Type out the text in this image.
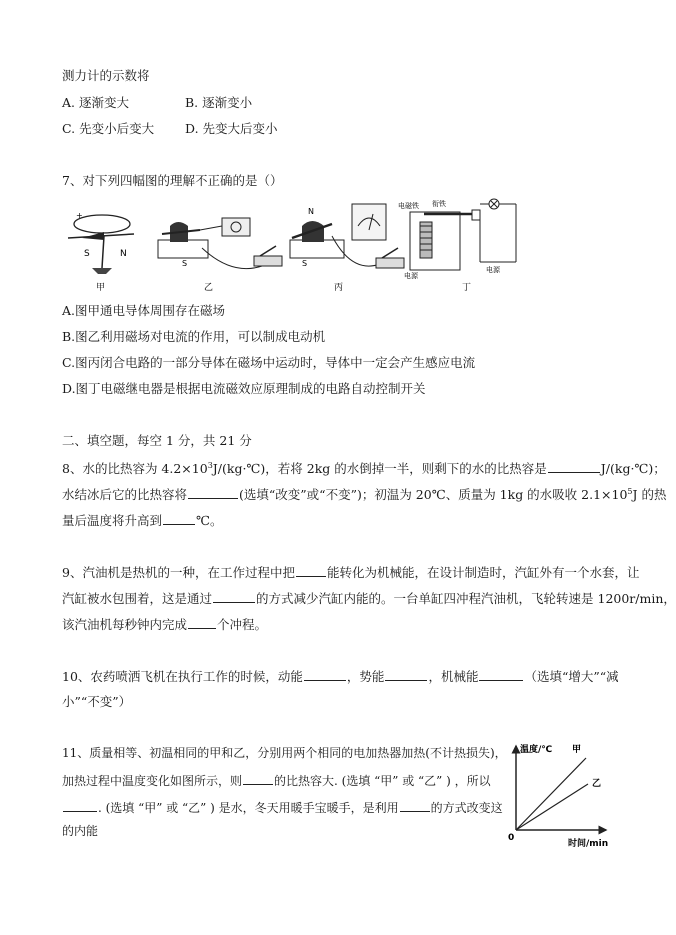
测力计的示数将
A. 逐渐变大	B. 逐渐变小
C. 先变小后变大 D. 先变大后变小
7、对下列四幅图的理解不正确的是（）
+
S	N
甲
S
乙
N
S
丙
电磁铁 衔铁
电源
电源
丁
A.图甲通电导体周围存在磁场
B.图乙利用磁场对电流的作用，可以制成电动机
C.图丙闭合电路的一部分导体在磁场中运动时，导体中一定会产生感应电流
D.图丁电磁继电器是根据电流磁效应原理制成的电路自动控制开关
二、填空题，每空 1 分，共 21 分
8、水的比热容为 $4.2\times 10^3J/(kg\cdot℃)$，若将 2kg 的水倒掉一半，则剩下的水的比热容是	J/(kg·℃)；
水结冰后它的比热容将	(选填“改变”或“不变”)；初温为 20℃、质量为 1kg 的水吸收 $2.1\times 10^5J$ 的热
量后温度将升高到	℃。
9、汽油机是热机的一种，在工作过程中把	能转化为机械能，在设计制造时，汽缸外有一个水套，让
汽缸被水包围着，这是通过	的方式减少汽缸内能的。一台单缸四冲程汽油机，飞轮转速是 1200r/min，
该汽油机每秒钟内完成 个冲程。
10、农药喷洒飞机在执行工作的时候，动能	，势能	，机械能	（选填“增大”“减
小”“不变”）
11、质量相等、初温相同的甲和乙，分别用两个相同的电加热器加热(不计热损失)，
加热过程中温度变化如图所示，则	的比热容大. (选填 “甲” 或 “乙” ) ，所以
. (选填 “甲” 或 “乙” ) 是水，冬天用暖手宝暖手，是利用	的方式改变这
的内能
温度/℃ 甲
乙
0
时间/min
